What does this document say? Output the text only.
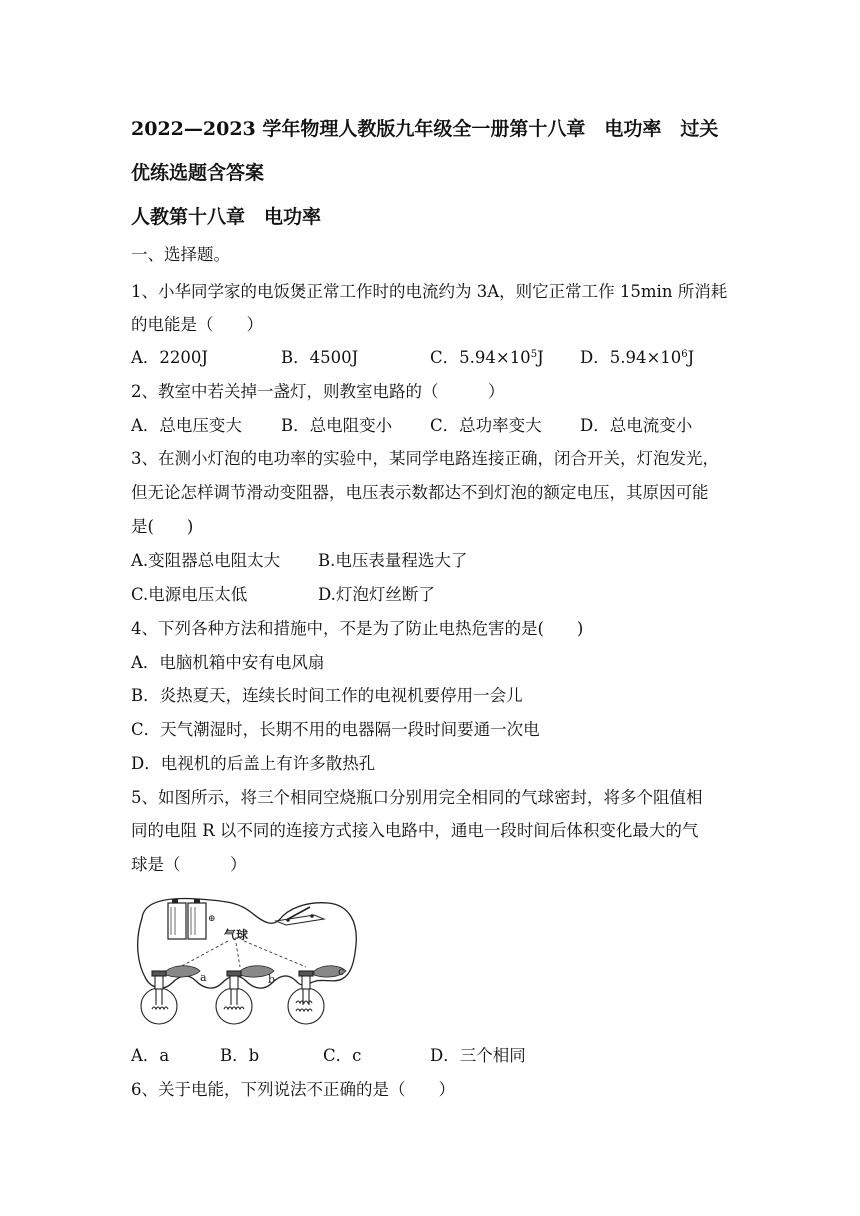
2022—2023 学年物理人教版九年级全一册第十八章　电功率　过关
优练选题含答案
人教第十八章　电功率
一、选择题。
1、小华同学家的电饭煲正常工作时的电流约为 3A，则它正常工作 15min 所消耗
的电能是（　　）
A．2200J	B．4500J	C．$5.94\times 10^5J$ D．$5.94\times 10^6J$
2、教室中若关掉一盏灯，则教室电路的（　　　）
A．总电压变大 B．总电阻变小 C．总功率变大 D．总电流变小
3、在测小灯泡的电功率的实验中，某同学电路连接正确，闭合开关，灯泡发光，
但无论怎样调节滑动变阻器，电压表示数都达不到灯泡的额定电压，其原因可能
是(　　)
A.变阻器总电阻太大 B.电压表量程选大了
C.电源电压太低	D.灯泡灯丝断了
4、下列各种方法和措施中，不是为了防止电热危害的是(　　)
A．电脑机箱中安有电风扇
B．炎热夏天，连续长时间工作的电视机要停用一会儿
C．天气潮湿时，长期不用的电器隔一段时间要通一次电
D．电视机的后盖上有许多散热孔
5、如图所示，将三个相同空烧瓶口分别用完全相同的气球密封，将多个阻值相
同的电阻 R 以不同的连接方式接入电路中，通电一段时间后体积变化最大的气
球是（　　　）
⊕
气球
a	b
c
A．a	B．b	C．c	D．三个相同
6、关于电能，下列说法不正确的是（　　）
